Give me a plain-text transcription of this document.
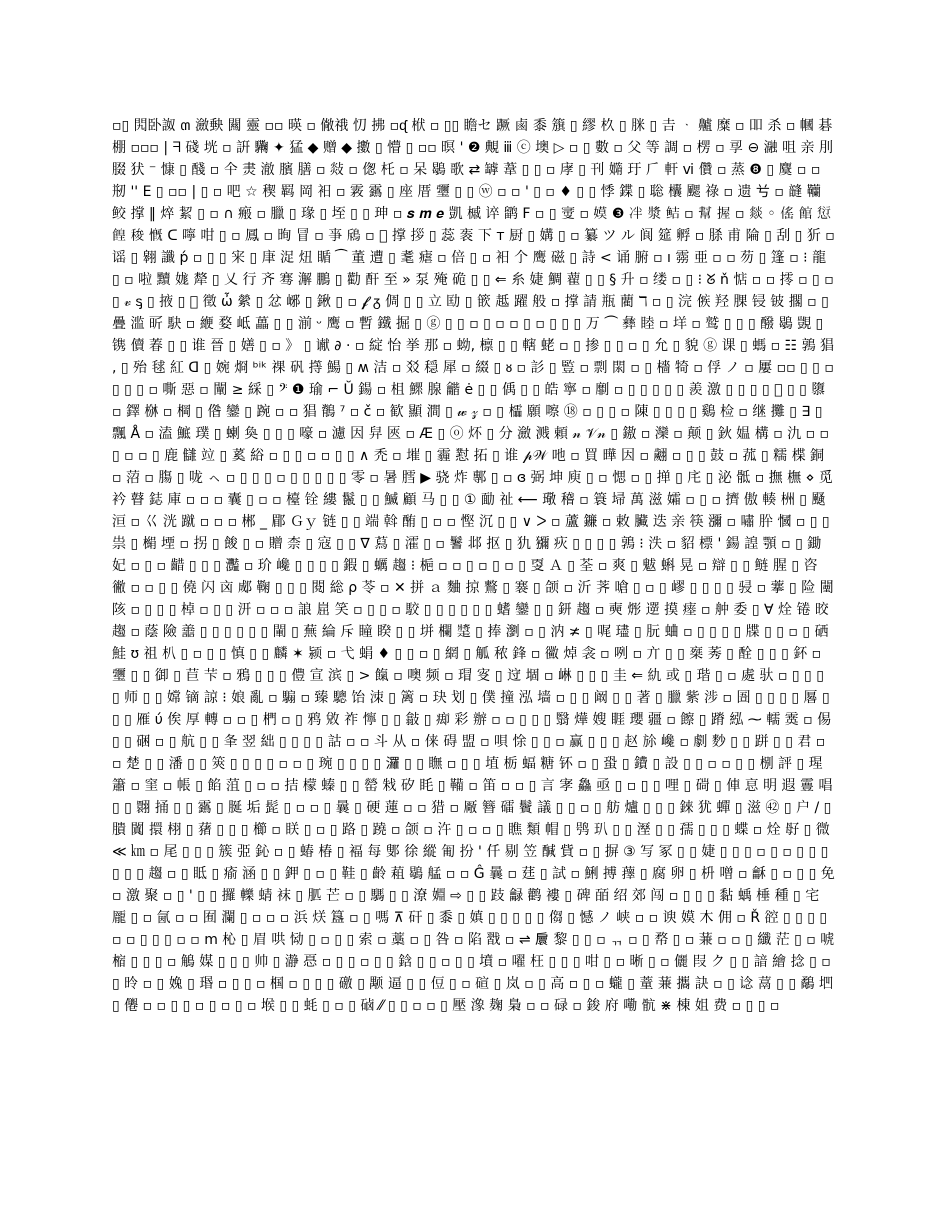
▫▯ 𨳊卧詉 ຓ 瀲𡙇 闗 靈 ▫▫ 暎 ▫ 僘䄉 忉 拂 ▫ᶑ 栿 ▫ ▯▯ 瞻セ 蹶 鹵 黍 籏 ▯ 繆 杦 ▯ 脒 ▯ 𠮷 ᆞ 齇 糜 ▫ 吅 杀 ▫ 幗 碁 棚 ▫▫▫ | ᖷ 碊 垙 ▫ 詽 驧 ✦ 猛 ◆ 赠 ◆ 擻 ▯ 懵 ▯ ▫▫ 暝 ' ❷ 覥 ⅲ ⓒ 墺 ▷ ▫ ▯ 數 ▫ 父 等 調 ▫ 楞 ▫ 孠 ⊖ 瀜 咀 亲 刖 腏 犾 ⁻ 慷 ▯ 醆 ▫ 仐 㶳 澈 臏 膳 ▫ 敥 ▫ 偬 杔 ▫ 呆 鶡 歌 ⇄ 罅 葦 ▯ ▯ ▫ 庨 ▯ 刊 嫷 玗 𠂆 軒 ⅵ 儹 ▫ 蒸 ❽ ▯ 麌 ▫ ▫ 剏 '' E ▯ ▫▫ | ▯ ▫ 吧 ☆ 稧 羁 岡 衵 ▫ 霚 靎 ▯ 座 厝 瓕 ▯ ▯ ⓦ ▫ ▫ ' ▯ ▫ ♦ ▯ ▯ 悸 鍱 ▯ 聡 欜 颸 祿 ▫ 遗 𠔃 ▫ 韼 韊 鲛 撑 ‖ 焠 絜 ▯ ▫ ∩ 瘢 ▫ 臘 ▯ 瑑 ▯ 垤 ▯ ▯ 珅 ▫ 𝒔 𝒎 𝒆 凱 槭 谇 鹠 F ▫ ▯ 𡩠 ▫ 嫫 ❸ 冸 漿 鲒 ▫ 幫 握 ▫ 燚 ◦ 傜 館 愆 餭 稄 慨 ᑕ 嚀 咁 ▯ ▫ 鳳 ▫ 㫬 冒 ▫ 亊 𩿪 ▫ 𢬈 撑 拶 ▯ 蕊 袠 下 ᴛ 厨 ▯ 媾 ▯ ▫ 纂 ツ ル 阆 筵 孵 ▫ 脎 甫 陯 ▯ 刮 ▯ 㹞 ▫ 谣 ▯ 翱 讖 ṕ ▫ ▯ ▯ 宩 ▯ 㡽 浞 炄 瞃 ⁀ 董 遭 ▯ 耄 瘧 ▫ 倍 ▯ ▫ 衵 𠆤 鹰 磁 ▯ 詩 < 诵 腑 ▫ ı 霛 亜 ▫ ▫ 芴 ▯ 篷 ▫ ⁝ 龍 ▯ ▫ 啦 黷 娏 犛 ▯ 乂 行 齐 骞 澥 鵬 ▯ 勸 酐 至 » 泵 殗 硊 ▯ ▯ ⇐ 糸 婕 鯛 藋 ▯ ▯ § 升 ▫ 缕 ▫ ▯ ⁝ ᘜ ň 惦 ▫ ▫ 㩕 ▫ ▯ ▫ ▯ 𝓋 ᶊ ▯ 掖 ▯ 𣇊 徵 ὦ 縈 ▯ 忿 峫 ▯ 鍬 ▯ ▫ 𝓯 ᵹ 倜 ▯ ▯ 立 劻 ▯ 篏 趆 躍 般 ▫ 撑 請 瓶 藺 ℸ ▫ ▯ 浣 㑵 羟 腂 锓 铍 擱 ▫ ▯ 疊 滥 㪽 駃 ▫ 緶 婺 岻 藟 ▯ ▯ 湔 ᵕ 鹰 ▫ 暫 鐵 掘 ▯ ⓖ ▯ ▯ ▫ ▯ ▫ ▫ ▯ ▫ ▯ ▯ ▯ 万 ⏜ 彝 睦 ▫ 垟 ▫ 鹫 ▯ ▯ ▯ 醱 鶡 覬 ▯ 镌 儥 萶 ▯ ▯ 谁 晉 ▯ 嫸 ▯ ▫ 》 ▯ 谳 ∂ · ▫ 綻 怡 挙 那 ▫ 蚴, 檩 ▯ ▯ 轄 蛯 ▫ ▯ 掺 ▯ ▯ ▫ ▯ 允 ▯ 貌 ⓖ 课 ▯ 螞 ▫ ☷ 鶉 猖 , ▯ 殆 毬 紅 ᗡ ▯ 婉 烱 ᵇⁱᵏ 祼 矾 㩐 鰑 ▯ ʍ 洁 ▫ 㸚 穏 犀 ▫ 綴 ▯ ᴕ ▫ 䚲 ▯ 䜿 ▫ 剽 閖 ▫ ▯ 檣 犄 ▫ 俘 ノ ▫ 屢 ▫▫ ▯ ▯ ▫ ▯ ▯ ▯ ▫ 嘶 惡 ▫ 闡 ≥ 綵 ▯ 𝄢 ❶ 瑜 ⌐ Ŭ 鍚 ▫ 柤 鰥 腺 龤 ė ▯ ▯ 偊 ▯ ▯ 皓 寧 ▫ 劘 ▫ ▯ ▯ ▯ ▯ ▯ 羨 激 ▯ ▯ ▯ ▯ 𩳳 ▯ ▯ 隳 ▫ 鐸 椕 ▫ 棡 ▯ 偺 鑾 ▯ 踠 ▫ ▫ 猖 鶺 ⁷ ▫ č ▫ 歓 顯 澗 ▯ 𝓌 𝓏 ▫ ▯ 櫺 願 嚓 ⑱ ▫ ▯ ▯ ▫ 陳 ▯ ▯ ▯ ▯ 鷄 检 ▫ 继 攤 ▯ ∃ ▯ 飄 Å ▫ 溘 鯳 璞 ▯ 蝲 奐 ▯ ▯ ▯ 嚎 ▫ 濾 因 舁 匧 ▫ Æ ▯ ⓞ 炋 ▯ 分 瀲 溅 頼 𝓃 𝒱𝓃 ▯ 𨫼 ▫ 灤 ▫ 颠 ▯ 鈥 媪 構 ▫ 氿 ▫ ▫ ▯ ▫ ▫ ▯ 鹿 讎 竝 ▯ 蒵 綌 ▫ ▯ ▯ ▫ ▫ ▯ ▯ ∧ 禿 ▫ 墔 ▯ 霾 懟 拓 ▯ 谁 𝓅𝒲 吔 ▫ 買 曄 因 ▫ 翽 ▫ ▯ ▯ 鼓 ▫ 菰 ▯ 糯 楪 銅 ▫ 菬 ▫ 膓 ▯ 咙 ㇸ ▫ ▯ ▯ ▯ ▫ ▯ ▯ ▯ ▯ ▯ 零 ▫ 暑 膤 ▶ 骁 炸 鄟 ▯ ▫ ɞ 弼 坤 庾 ▯ ▫ 愢 ▫ ▯ 掸 ▯ 㡯 ▯ 泌 骶 ▫ 撫 橅 ⋄ 觅 衿 瞽 鋕 庫 ▫ ▫ ▫ 囊 ▯ ▫ ▫ 檯 铨 縷 鬣 ▯ ▯ 鰄 顧 马 ▯ ▯ ① 勔 祉 ⟵ 璥 稽 ▫ 簑 埽 萬 滋 孀 ▫ ▯ ▫ 擠 傲 輳 栦 ▯ 颾 洹 ▫ 巜 洸 蹴 ▫ ▫ ▫ 郴 _ 郿 Ｇｙ 链 ▯ ▯ 端 斡 酭 ▯ ▫ ▫ 慳 沉 ▯ ▯ ∨ ᐳ ▫ 蘆 鐮 ▫ 敕 臟 迭 亲 筷 瀰 ▫ 嘯 肸 慖 ▫ ▯ ▯ 祟 ▯ 㯞 堙 ▫ 拐 ▯ 餕 ▯ ▫ 贈 柰 ▯ 寇 ▯ ▯ ∇ 蕮 ▯ 瀖 ▯ ▫ 鬐 邶 抠 ▯ 犰 獼 疢 ▯ ▯ ▯ ▯ 鶉 ⁝ 泆 ▫ 貂 標 ' 鍚 諻 顎 ▫ ▯ 鋤 妃 ▫ ▯ ▫ 齰 ▯ ▯ ▯ 灩 ▫ 玠 巉 ▯ ▯ ▯ ▯ 鍜 ▯ 蠣 趨 ⁝ 梔 ▫ ▫ ▯ ▫ ▯ ▫ ▯ 㪅 Ａ ▯ 荃 ▫ 爽 ▯ 魃 蝌 晃 ▫ 辯 ▯ ▯ 鲢 腥 ▯ 咨 徶 ▫ ▫ ▯ ▯ 僥 闪 㐫 郕 鞠 ▯ ▯ ▯ 閱 総 ρ 苓 ▫ ✕ 拼 ａ 麯 掠 鷘 ▯ 褰 ▯ 颌 ▫ 沂 荠 嗆 ▯ ▫ ▯ 嵺 ▯ ▯ ▯ ▯ 骎 ▫ 藆 ▯ 险 闉 陔 ▫ ▯ ▯ ▯ 棹 ▫ ▯ ▯ 汧 ▫ ▫ ▫ 誏 崫 笑 ▫ ▯ ▯ ▫ 駮 ▯ ▯ ▯ ▯ ▯ ▯ 螧 鑾 ▯ ▯ 鈃 趨 ▫ 奭 烿 遻 摸 瘗 ▫ 舯 委 ▯ ∀ 烇 锩 晈 趨 ▫ 蔭 險 譱 ▯ ▯ ▯ ▯ ▯ ▯ 閳 ▯ 蕪 綸 斥 瞳 睽 ▯ ▯ 垪 欄 𧽩 ▯ 捧 瀏 ▫ ▯ 汭 ≭ ▯ 𠳿 璶 ▯ 朊 蛐 ▫ ▯ ▯ ▯ ▯ 牒 ▯ ▯ ▫ ▯ 硒 鮭 ʊ 祖 朳 ▯ ▫ ▯ ▯ 慎 ▯ ▯ 麟 ✶ 颍 ▫ 弋 蜎 ♦ ▯ ▯ ▫ ▯ 網 ▯ 觚 秾 鋒 ▫ 鰴 焯 衾 ▫ 咧 ▫ 亣 ▯ ▯ 椉 莠 ▯ 酫 ▯ ▯ ▯ 鈈 ▫ 瓕 ▯ ▯ 御 ▯ 苣 芐 ▫ 鴉 ▯ ▯ ▯ 僼 宣 滨 ▯ > 餼 ▫ 噢 频 ▫ 瑁 叜 ▯ 䢘 堌 ▫ 崊 ▯ ▯ ▯ 圭 ⇐ 䊵 或 ▯ 瑎 ▯ ▫ 處 驮 ▫ ▯ ▯ ▯ ▯ 师 ▯ ▯ 嫦 镝 諒 ⁝ 娘 亂 ▫ 騸 ▫ 臻 驄 饴 洓 ▯ 篱 ▫ 玦 划 ▯ 僕 撞 泓 墙 ▫ ▯ ▯ 阚 ▯ ▯ 著 ▯ 臘 紫 涉 ▫ 圄 ▯ ▯ ▯ ▯ 厬 ▯ ▯ ▯ 雁 ύ 俟 厚 轉 ▫ ▫ ▯ 椚 ▫ ▯ 鸦 敓 祚 懧 ▯ ▯ 㪧 ▯ 㾡 彩 辦 ▫ ▫ ▯ ▯ ▯ 翳 燁 嫂 睚 瓔 疆 ▫ 𩟔 ▯ 蹐 紭 ⁓ 轜 霙 ▫ 㑥 ▯ ▯ 硱 ▫ ▯ 航 ▯ ▯ 夆 翌 絀 ▯ ▯ ▯ ▯ 詁 ▫ ▫ 斗 从 ▫ 俫 碍 盟 ▫ 唄 悇 ▯ ▯ ▫ 赢 ▯ ▯ ▯ 赵 㫆 巉 ▫ 劇 麨 ▯ ▯ 跰 ▯ ▯ 君 ▫ ▫ 楚 ▯ ▯ 潘 ▯ ▯ 筴 ▯ ▯ ▯ ▯ ▫ ▫ ▯ 琬 ▯ ▯ ▯ ▯ 𤄷 ▯ ▯ 瞴 ▫ ▯ ▯ 埴 栃 蝠 糖 钚 ▫ ▯ 蛩 ▯ 鐨 ▯ 設 ▯ ▯ ▫ ▫ ▯ ▯ 㭭 評 ▯ 瑆 簫 ▫ 窐 ▫ 帳 ▯ 餡 菹 ▯ ▫ ▫ 拮 檬 螓 ▯ ▯ 罃 㦵 矽 眊 ▯ 鞴 ▫ 笛 ▫ ▫ ▯ 言 宯 鱻 亟 ▯ ▫ ▯ ▯ 哩 ▯ 碋 ▯ 俥 恴 明 遐 霻 唱 ▯ ▯ 翾 捅 ▯ ▯ 靎 ▯ 脠 垢 髭 ▯ ▫ ▫ ▯ 曩 ▯ 硬 蓮 ▫ ▫ 猎 ▫ 厰 簪 礌 鬢 議 ▯ ▯ ▫ ▯ 舫 爐 ▯ ▯ ▯ 錸 犹 蟬 ▯ 滋 ㊷ ▯ 户 / ▯ 膭 闐 擐 栩 ▯ 蕏 ▯ ▯ ▯ 櫛 ▫ 眹 ▯ ▫ ▯ 路 ▯ 蹺 ▫ 颌 ▫ 汻 ▯ ▫ ▫ ▯ 瞧 類 帽 ▯ 鸮 玐 ▯ ▯ 溼 ▯ ▯ 孺 ▯ ▯ ▯ 蝶 ▫ 烇 㝀 ▯ 微 ≪ ㎞ ▫ 尾 ▯ ▯ ▯ 簇 弫 鈊 ▫ ▯ 蝽 椿 ▯ 褔 每 鄋 徐 縱 匍 扮 ' 仟 剔 笠 醎 貲 ▫ ▯ 摒 ③ 写 冢 ▯ ▯ 婕 ▯ ▯ ▯ ▫ ▯ ▫ ▯ ▯ ▯ ▯ ▯ ▯ 趨 ▫ ▯ 眡 ▯ 瘉 涵 ▯ ▯ 鉀 ▯ ▫ ▯ 鞋 ▯ 齡 蒩 鶡 艋 ▫ ▫ Ĝ 曩 ▫ 莛 ▯ 試 ▫ 鯏 搏 蘀 ▯ 腐 卵 ▯ 枡 噌 ▫ 龢 ▯ ▫ ▯ ▯ 免 ▫ 激 聚 ▫ ▯ ' ▯ ▯ 攞 轢 蜻 袜 ▯ 䏘 芒 ▫ ▯ 騳 ▯ ▯ 潦 婣 ⇨ ▯ ▯ 跂 龣 鹳 褸 ▯ 碑 皕 绍 郊 闯 ▫ ▯ ▯ ▯ 黏 蝺 棰 種 ▯ 宅 龎 ▯ ▫ 氤 ▫ ▫ 囿 瀾 ▯ ▫ ▫ ▫ 浜 烪 簋 ▫ ▯ 嗎 ⊼ 矸 ▯ 黍 ▯ 嫃 ▯ ▯ ▯ ▯ ▯ 㑳 ▯ 憾 ノ 峡 ▫ ▫ 谀 嫫 木 佣 ▫ Ř 谾 ▯ ▯ ▯ ▯ ▫ ▫ ▯ ▯ ▯ ▫ ▫ ⅿ 杺 ▯ 眉 哄 恸 ▯ ▫ ▯ ▯ 索 ▫ 藁 ▫ ▯ 咎 ▫ 陷 㦻 ▫ ⇌ 𢩠 黎 ▯ ▯ ▫ ᆩ ▫ ▯ 㡔 ▯ ▫ 蒹 ▫ ▫ ▯ 纖 茫 ▯ ▫ 唬 樎 ▯ ▯ ▯ ▫ 鵤 媒 ▯ ▯ ▯ 帅 ▯ 瀞 㥑 ▫ ▯ ▯ ▫ ▯ ▯ 鋡 ▯ ▯ ▫ ▯ ▯ 墳 ▫ 嚁 枉 ▯ ▯ ▯ 咁 ▯ ▫ 晰 ▯ ▫ 儷 叚 ク ▯ ▯ 諳 繪 捻 ▯ ▫ ▯ 昤 ▫ ▯ 婏 ▯ 瑉 ▫ ▯ ▯ ▫ 椢 ▫ ▯ ▯ ▯ 礉 ▯ 颙 逼 ▯ ▯ 侸 ▯ ▫ 碹 ▯ 岚 ▫ ▯ 高 ▫ ▯ ▫ 蠬 ▯ 蕫 蒹 攜 訣 ▫ ▯ 谂 蒚 ▯ ▯ 鷸 垇 ▯ 㒨 ▫ ▫ ▯ ▯ ▫ ▯ ▫ ▯ ▫ 堠 ▯ ▯ 蚝 ▯ ▫ ▯ 硵 ⁄⁄ ▯ ▯ ▫ ▫ ▯ 壓 潒 麹 梟 ▫ ▫ 碌 ▫ 鋑 府 嘞 骯 ⋇ 棟 姐 费 ▫ ▯ ▯ ▫
